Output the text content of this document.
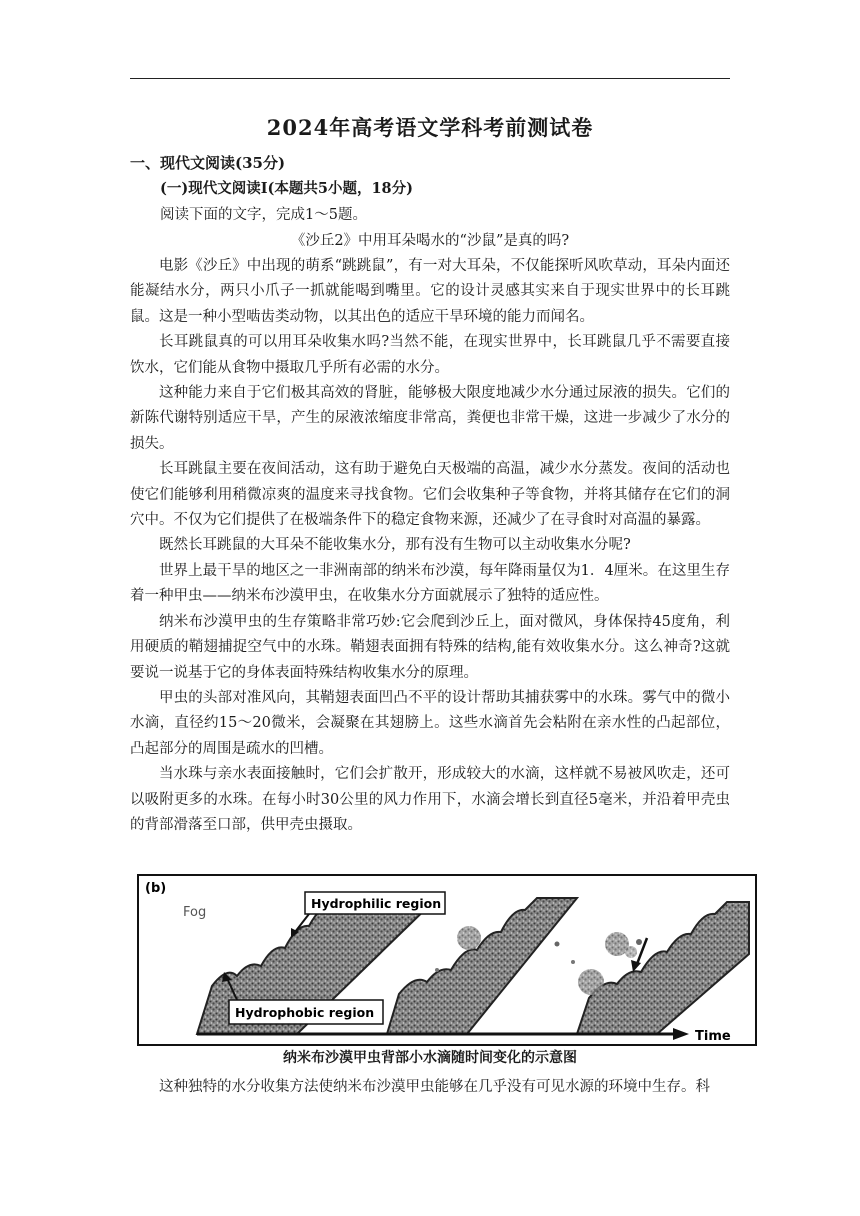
2024年高考语文学科考前测试卷
一、现代文阅读(35分)
(一)现代文阅读Ⅰ(本题共5小题，18分)
阅读下面的文字，完成1～5题。
《沙丘2》中用耳朵喝水的“沙鼠”是真的吗?

电影《沙丘》中出现的萌系“跳跳鼠”，有一对大耳朵，不仅能探听风吹草动，耳朵内面还能凝结水分，两只小爪子一抓就能喝到嘴里。它的设计灵感其实来自于现实世界中的长耳跳鼠。这是一种小型啮齿类动物，以其出色的适应干旱环境的能力而闻名。

长耳跳鼠真的可以用耳朵收集水吗?当然不能，在现实世界中，长耳跳鼠几乎不需要直接饮水，它们能从食物中摄取几乎所有必需的水分。

这种能力来自于它们极其高效的肾脏，能够极大限度地减少水分通过尿液的损失。它们的新陈代谢特别适应干旱，产生的尿液浓缩度非常高，粪便也非常干燥，这进一步减少了水分的损失。

长耳跳鼠主要在夜间活动，这有助于避免白天极端的高温，减少水分蒸发。夜间的活动也使它们能够利用稍微凉爽的温度来寻找食物。它们会收集种子等食物，并将其储存在它们的洞穴中。不仅为它们提供了在极端条件下的稳定食物来源，还减少了在寻食时对高温的暴露。

既然长耳跳鼠的大耳朵不能收集水分，那有没有生物可以主动收集水分呢?

世界上最干旱的地区之一非洲南部的纳米布沙漠，每年降雨量仅为1．4厘米。在这里生存着一种甲虫——纳米布沙漠甲虫，在收集水分方面就展示了独特的适应性。

纳米布沙漠甲虫的生存策略非常巧妙:它会爬到沙丘上，面对微风，身体保持45度角，利用硬质的鞘翅捕捉空气中的水珠。鞘翅表面拥有特殊的结构,能有效收集水分。这么神奇?这就要说一说基于它的身体表面特殊结构收集水分的原理。

甲虫的头部对准风向，其鞘翅表面凹凸不平的设计帮助其捕获雾中的水珠。雾气中的微小水滴，直径约15～20微米，会凝聚在其翅膀上。这些水滴首先会粘附在亲水性的凸起部位，凸起部分的周围是疏水的凹槽。

当水珠与亲水表面接触时，它们会扩散开，形成较大的水滴，这样就不易被风吹走，还可以吸附更多的水珠。在每小时30公里的风力作用下，水滴会增长到直径5毫米，并沿着甲壳虫的背部滑落至口部，供甲壳虫摄取。

(b)
Fog
Hydrophilic region
Hydrophobic region
Time
纳米布沙漠甲虫背部小水滴随时间变化的示意图

这种独特的水分收集方法使纳米布沙漠甲虫能够在几乎没有可见水源的环境中生存。科
